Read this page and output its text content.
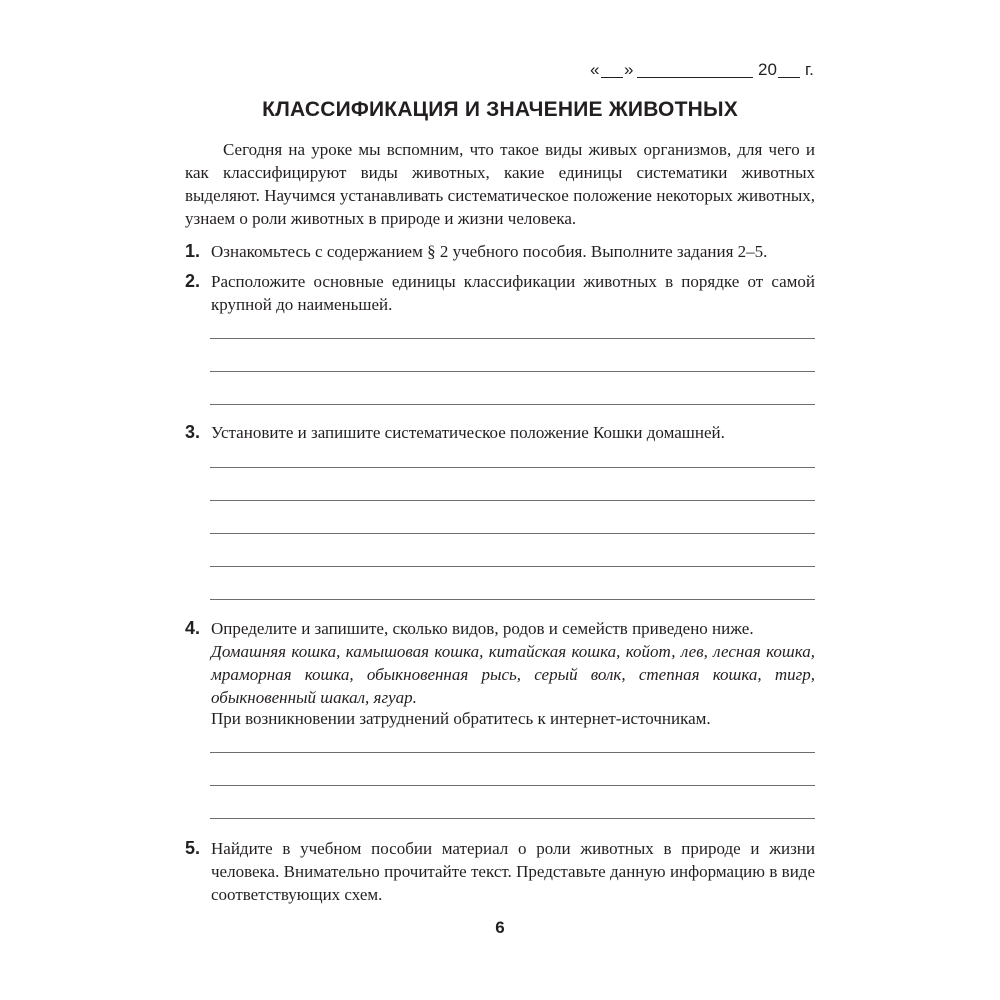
« »	20 г.
КЛАССИФИКАЦИЯ И ЗНАЧЕНИЕ ЖИВОТНЫХ

Сегодня на уроке мы вспомним, что такое виды живых организмов, для чего и как классифицируют виды животных, какие единицы систематики животных выделяют. Научимся устанавливать систематическое положение некоторых животных, узнаем о роли животных в природе и жизни человека.

1. Ознакомьтесь с содержанием § 2 учебного пособия. Выполните задания 2–5.

2. Расположите основные единицы классификации животных в порядке от самой крупной до наименьшей.

3. Установите и запишите систематическое положение Кошки домашней.

4. Определите и запишите, сколько видов, родов и семейств приведено ниже.

Домашняя кошка, камышовая кошка, китайская кошка, койот, лев, лесная кошка, мраморная кошка, обыкновенная рысь, серый волк, степная кошка, тигр, обыкновенный шакал, ягуар.

При возникновении затруднений обратитесь к интернет-источникам.

5. Найдите в учебном пособии материал о роли животных в природе и жизни человека. Внимательно прочитайте текст. Представьте данную информацию в виде соответствующих схем.

6
